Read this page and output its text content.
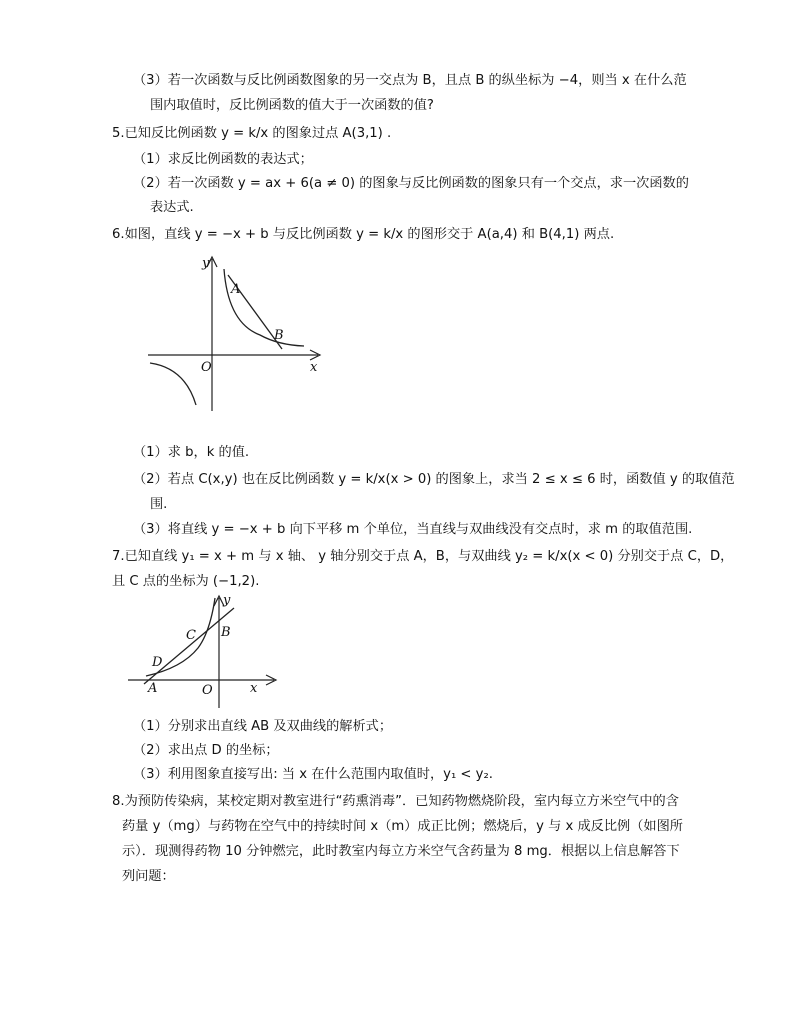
（3）若一次函数与反比例函数图象的另一交点为 B，且点 B 的纵坐标为 −4，则当 x 在什么范
围内取值时，反比例函数的值大于一次函数的值?
5.已知反比例函数 y = k/x 的图象过点 A(3,1) .
（1）求反比例函数的表达式；
（2）若一次函数 y = ax + 6(a ≠ 0) 的图象与反比例函数的图象只有一个交点，求一次函数的
表达式.
6.如图，直线 y = −x + b 与反比例函数 y = k/x 的图形交于 A(a,4) 和 B(4,1) 两点.
y
A
B
O	x
（1）求 b，k 的值.
（2）若点 C(x,y) 也在反比例函数 y = k/x(x > 0) 的图象上，求当 2 ≤ x ≤ 6 时，函数值 y 的取值范
围.
（3）将直线 y = −x + b 向下平移 m 个单位，当直线与双曲线没有交点时，求 m 的取值范围.
7.已知直线 y₁ = x + m 与 x 轴、 y 轴分别交于点 A，B，与双曲线 y₂ = k/x(x < 0) 分别交于点 C，D，
且 C 点的坐标为 (−1,2).
y
C B
D
A	O	x
（1）分别求出直线 AB 及双曲线的解析式；
（2）求出点 D 的坐标；
（3）利用图象直接写出: 当 x 在什么范围内取值时，y₁ < y₂.
8.为预防传染病，某校定期对教室进行“药熏消毒”．已知药物燃烧阶段，室内每立方米空气中的含
药量 y（mg）与药物在空气中的持续时间 x（m）成正比例；燃烧后，y 与 x 成反比例（如图所
示）．现测得药物 10 分钟燃完，此时教室内每立方米空气含药量为 8 mg．根据以上信息解答下
列问题：
